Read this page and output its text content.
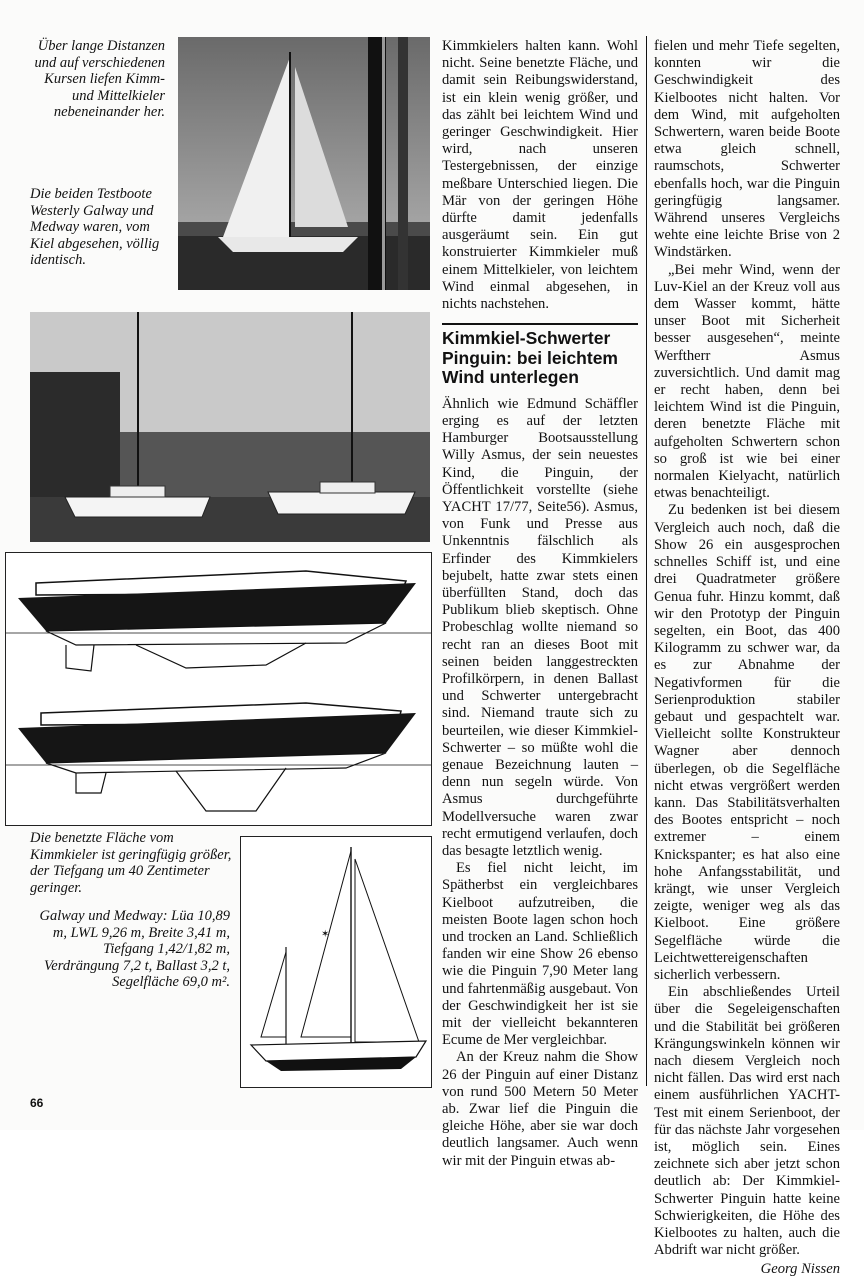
Über lange Distanzen und auf verschiedenen Kursen liefen Kimm- und Mittelkieler nebeneinander her.

Die beiden Testboote Westerly Galway und Medway waren, vom Kiel abgesehen, völlig identisch.

Die benetzte Fläche vom Kimmkieler ist geringfügig größer, der Tiefgang um 40 Zentimeter geringer.

Galway und Medway: Lüa 10,89 m, LWL 9,26 m, Breite 3,41 m, Tiefgang 1,42/1,82 m, Verdrängung 7,2 t, Ballast 3,2 t, Segelfläche 69,0 m².

✶

Kimmkielers halten kann. Wohl nicht. Seine benetzte Fläche, und damit sein Reibungswiderstand, ist ein klein wenig größer, und das zählt bei leichtem Wind und geringer Geschwindigkeit. Hier wird, nach unseren Testergebnissen, der einzige meßbare Unterschied liegen. Die Mär von der geringen Höhe dürfte damit jedenfalls ausgeräumt sein. Ein gut konstruierter Kimmkieler muß einem Mittelkieler, von leichtem Wind einmal abgesehen, in nichts nachstehen.

Kimmkiel-Schwerter Pinguin: bei leichtem Wind unterlegen

Ähnlich wie Edmund Schäffler erging es auf der letzten Hamburger Bootsausstellung Willy Asmus, der sein neuestes Kind, die Pinguin, der Öffentlichkeit vorstellte (siehe YACHT 17/77, Seite56). Asmus, von Funk und Presse aus Unkenntnis fälschlich als Erfinder des Kimmkielers bejubelt, hatte zwar stets einen überfüllten Stand, doch das Publikum blieb skeptisch. Ohne Probeschlag wollte niemand so recht ran an dieses Boot mit seinen beiden langgestreckten Profilkörpern, in denen Ballast und Schwerter untergebracht sind. Niemand traute sich zu beurteilen, wie dieser Kimmkiel-Schwerter – so müßte wohl die genaue Bezeichnung lauten – denn nun segeln würde. Von Asmus durchgeführte Modellversuche waren zwar recht ermutigend verlaufen, doch das besagte letztlich wenig.

Es fiel nicht leicht, im Spätherbst ein vergleichbares Kielboot aufzutreiben, die meisten Boote lagen schon hoch und trocken an Land. Schließlich fanden wir eine Show 26 ebenso wie die Pinguin 7,90 Meter lang und fahrtenmäßig ausgebaut. Von der Geschwindigkeit her ist sie mit der vielleicht bekannteren Ecume de Mer vergleichbar.

An der Kreuz nahm die Show 26 der Pinguin auf einer Distanz von rund 500 Metern 50 Meter ab. Zwar lief die Pinguin die gleiche Höhe, aber sie war doch deutlich langsamer. Auch wenn wir mit der Pinguin etwas ab-

fielen und mehr Tiefe segelten, konnten wir die Geschwindigkeit des Kielbootes nicht halten. Vor dem Wind, mit aufgeholten Schwertern, waren beide Boote etwa gleich schnell, raumschots, Schwerter ebenfalls hoch, war die Pinguin geringfügig langsamer. Während unseres Vergleichs wehte eine leichte Brise von 2 Windstärken.

„Bei mehr Wind, wenn der Luv-Kiel an der Kreuz voll aus dem Wasser kommt, hätte unser Boot mit Sicherheit besser ausgesehen“, meinte Werftherr Asmus zuversichtlich. Und damit mag er recht haben, denn bei leichtem Wind ist die Pinguin, deren benetzte Fläche mit aufgeholten Schwertern schon so groß ist wie bei einer normalen Kielyacht, natürlich etwas benachteiligt.

Zu bedenken ist bei diesem Vergleich auch noch, daß die Show 26 ein ausgesprochen schnelles Schiff ist, und eine drei Quadratmeter größere Genua fuhr. Hinzu kommt, daß wir den Prototyp der Pinguin segelten, ein Boot, das 400 Kilogramm zu schwer war, da es zur Abnahme der Negativformen für die Serienproduktion stabiler gebaut und gespachtelt war. Vielleicht sollte Konstrukteur Wagner aber dennoch überlegen, ob die Segelfläche nicht etwas vergrößert werden kann. Das Stabilitätsverhalten des Bootes entspricht – noch extremer – einem Knickspanter; es hat also eine hohe Anfangsstabilität, und krängt, wie unser Vergleich zeigte, weniger weg als das Kielboot. Eine größere Segelfläche würde die Leichtwettereigenschaften sicherlich verbessern.

Ein abschließendes Urteil über die Segeleigenschaften und die Stabilität bei größeren Krängungswinkeln können wir nach diesem Vergleich noch nicht fällen. Das wird erst nach einem ausführlichen YACHT-Test mit einem Serienboot, der für das nächste Jahr vorgesehen ist, möglich sein. Eines zeichnete sich aber jetzt schon deutlich ab: Der Kimmkiel-Schwerter Pinguin hatte keine Schwierigkeiten, die Höhe des Kielbootes zu halten, auch die Abdrift war nicht größer.

Georg Nissen

66
